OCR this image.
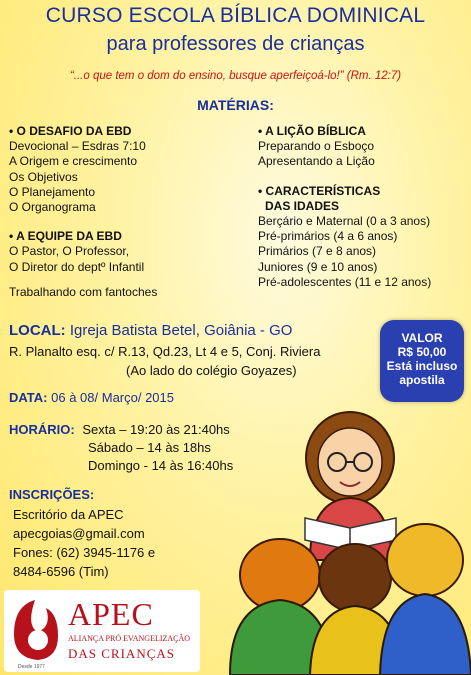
CURSO ESCOLA BÍBLICA DOMINICAL
para professores de crianças
“...o que tem o dom do ensino, busque aperfeiçoá-lo!” (Rm. 12:7)
MATÉRIAS:
• O DESAFIO DA EBD
Devocional – Esdras 7:10
A Origem e crescimento
Os Objetivos
O Planejamento
O Organograma
• A EQUIPE DA EBD
O Pastor, O Professor,
O Diretor do deptº Infantil
Trabalhando com fantoches
• A LIÇÃO BÍBLICA
Preparando o Esboço
Apresentando a Lição
• CARACTERÍSTICAS
DAS IDADES
Berçário e Maternal (0 a 3 anos)
Pré-primários (4 a 6 anos)
Primários (7 e 8 anos)
Juniores (9 e 10 anos)
Pré-adolescentes (11 e 12 anos)
LOCAL: Igreja Batista Betel, Goiânia - GO
R. Planalto esq. c/ R.13, Qd.23, Lt 4 e 5, Conj. Riviera
(Ao lado do colégio Goyazes)
VALOR
R$ 50,00
Está incluso
apostila
DATA: 06 à 08/ Março/ 2015
HORÁRIO: Sexta – 19:20 às 21:40hs
Sábado – 14 às 18hs
Domingo - 14 às 16:40hs
INSCRIÇÕES:
Escritório da APEC
apecgoias@gmail.com
Fones: (62) 3945-1176 e
8484-6596 (Tim)
APEC
ALIANÇA PRÓ EVANGELIZAÇÃO
DAS CRIANÇAS
Desde 1977
